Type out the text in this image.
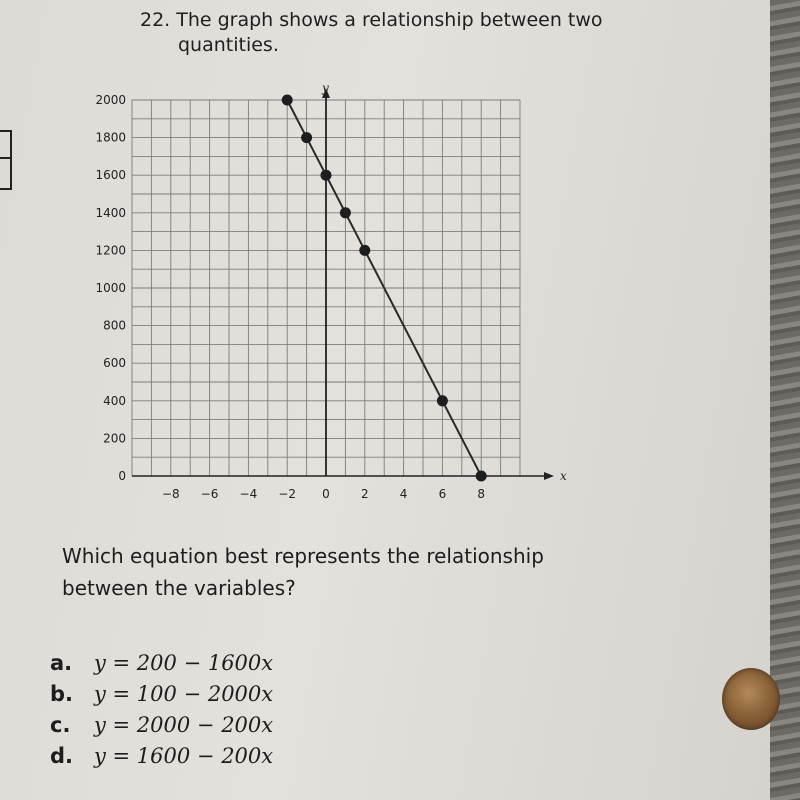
22. The graph shows a relationship between two
quantities.
x
y
−8 −6 −4 −2 0	2	4	6	8
0
200
400
600
800
1000
1200
1400
1600
1800
2000
Which equation best represents the relationship
between the variables?
a. y = 200 − 1600x
b. y = 100 − 2000x
c. y = 2000 − 200x
d. y = 1600 − 200x
